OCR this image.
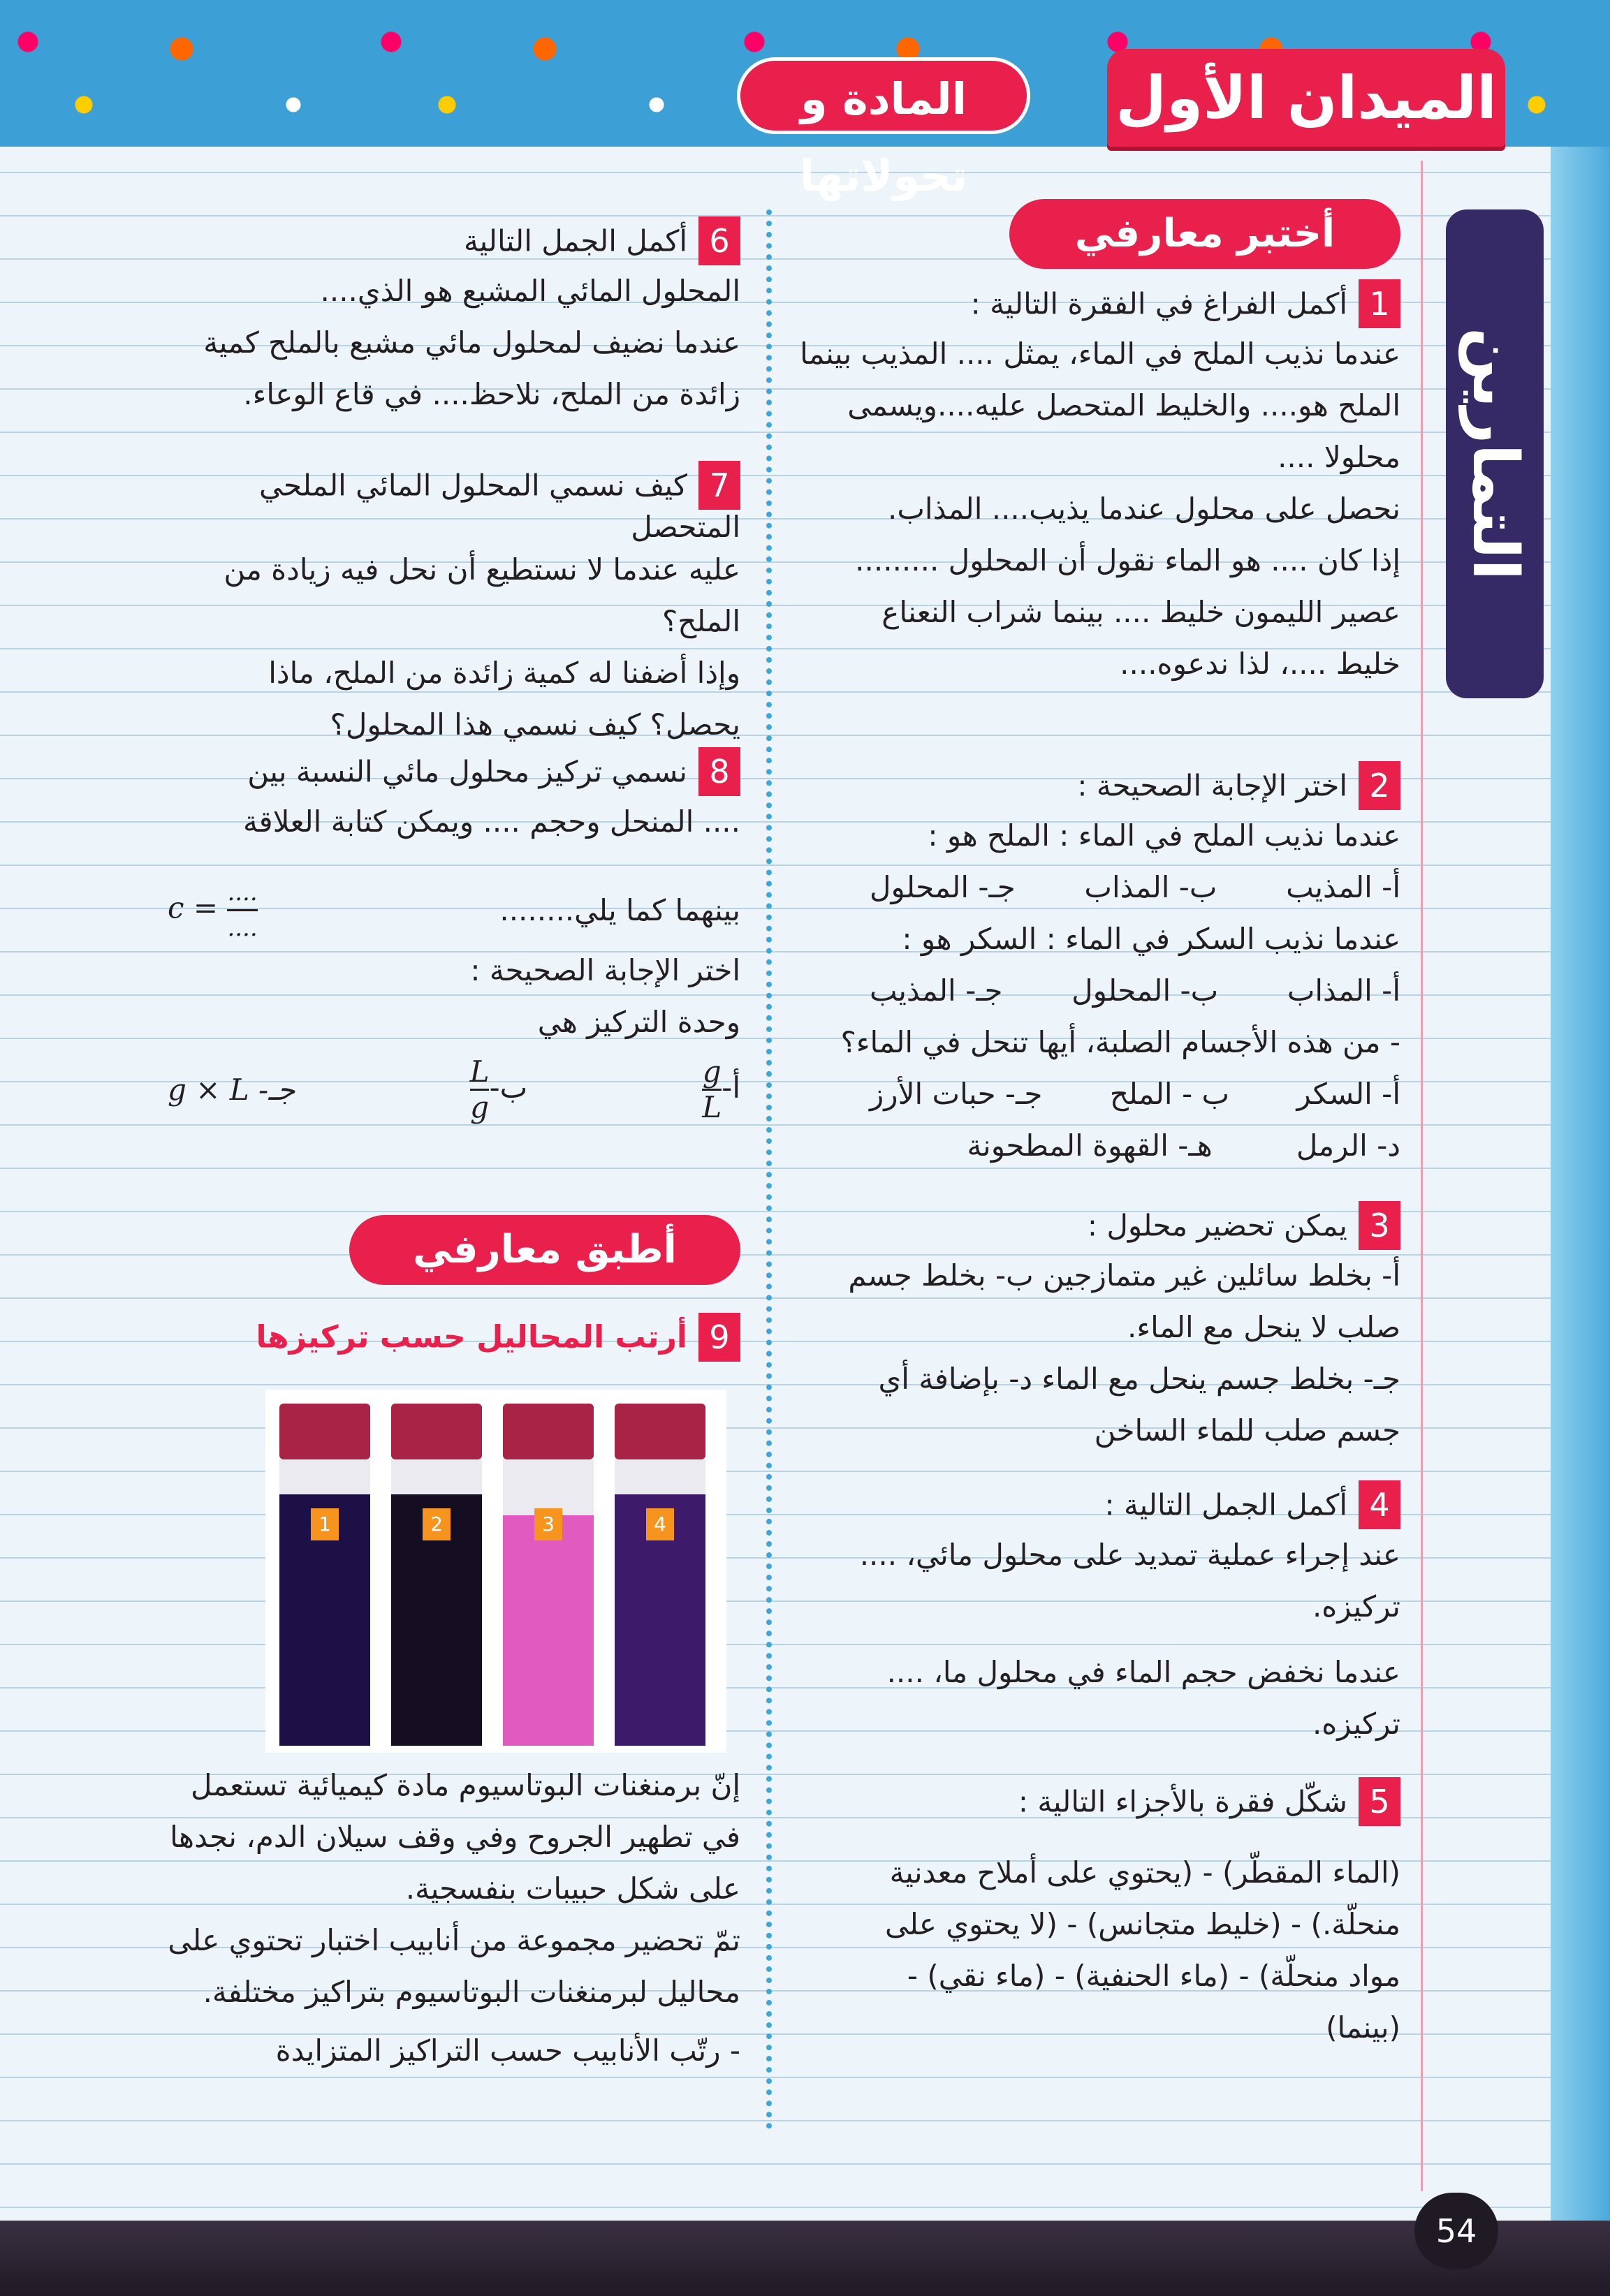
الميدان الأول
المادة و تحولاتها
التمارين
أختبر معارفي
1أكمل الفراغ في الفقرة التالية :
عندما نذيب الملح في الماء، يمثل .... المذيب بينما
الملح هو.... والخليط المتحصل عليه....ويسمى
محلولا ....
نحصل على محلول عندما يذيب.... المذاب.
إذا كان .... هو الماء نقول أن المحلول .........
عصير الليمون خليط .... بينما شراب النعناع
خليط ....، لذا ندعوه....
2اختر الإجابة الصحيحة :
عندما نذيب الملح في الماء : الملح هو :
أ- المذيب
ب- المذاب
جـ- المحلول
عندما نذيب السكر في الماء : السكر هو :
أ- المذاب
ب- المحلول
جـ- المذيب
- من هذه الأجسام الصلبة، أيها تنحل في الماء؟
أ- السكر
ب - الملح
جـ- حبات الأرز
د- الرمل
هـ- القهوة المطحونة
3يمكن تحضير محلول :
أ- بخلط سائلين غير متمازجين ب- بخلط جسم
صلب لا ينحل مع الماء.
جـ- بخلط جسم ينحل مع الماء د- بإضافة أي
جسم صلب للماء الساخن
4أكمل الجمل التالية :
عند إجراء عملية تمديد على محلول مائي، ....
تركيزه.
عندما نخفض حجم الماء في محلول ما، ....
تركيزه.
5شكّل فقرة بالأجزاء التالية :
(الماء المقطّر) - (يحتوي على أملاح معدنية
منحلّة.) - (خليط متجانس) - (لا يحتوي على
مواد منحلّة) - (ماء الحنفية) - (ماء نقي) -
(بينما)
6أكمل الجمل التالية
المحلول المائي المشبع هو الذي....
عندما نضيف لمحلول مائي مشبع بالملح كمية
زائدة من الملح، نلاحظ.... في قاع الوعاء.
7كيف نسمي المحلول المائي الملحي المتحصل
عليه عندما لا نستطيع أن نحل فيه زيادة من
الملح؟
وإذا أضفنا له كمية زائدة من الملح، ماذا
يحصل؟ كيف نسمي هذا المحلول؟
8نسمي تركيز محلول مائي النسبة بين
.... المنحل وحجم .... ويمكن كتابة العلاقة
بينهما كما يلي........
$c = \frac{....}{....}$
اختر الإجابة الصحيحة :
وحدة التركيز هي
أ-
$\frac{g}{L}$
ب-
$\frac{L}{g}$
g × L -جـ
أطبق معارفي
9أرتب المحاليل حسب تركيزها
إنّ برمنغنات البوتاسيوم مادة كيميائية تستعمل
في تطهير الجروح وفي وقف سيلان الدم، نجدها
على شكل حبيبات بنفسجية.
تمّ تحضير مجموعة من أنابيب اختبار تحتوي على
محاليل لبرمنغنات البوتاسيوم بتراكيز مختلفة.
- رتّب الأنابيب حسب التراكيز المتزايدة
1	2	3	4
54
